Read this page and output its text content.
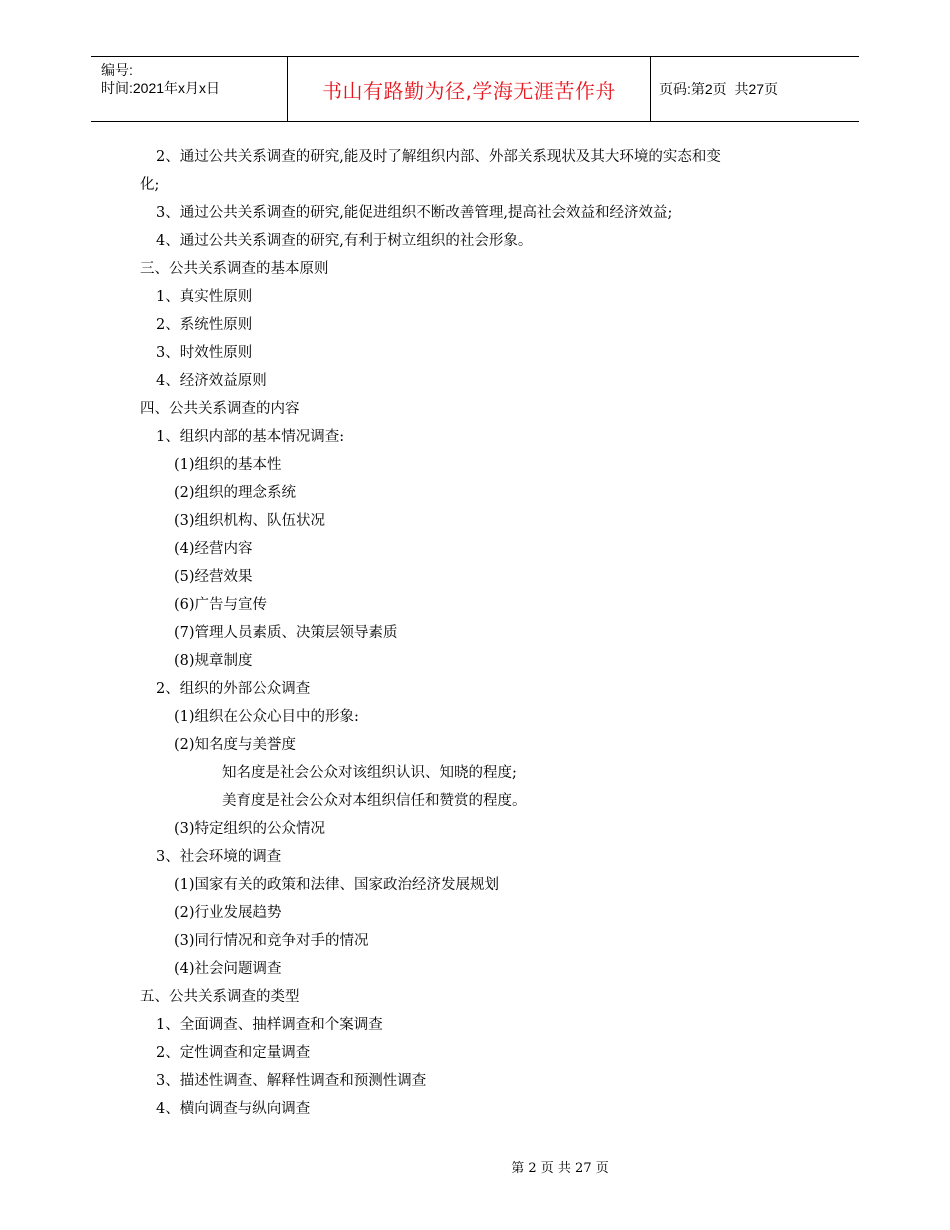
编号:
时间:2021年x月x日	书山有路勤为径,学海无涯苦作舟	页码:第2页  共27页
2、通过公共关系调查的研究,能及时了解组织内部、外部关系现状及其大环境的实态和变
化;
3、通过公共关系调查的研究,能促进组织不断改善管理,提高社会效益和经济效益;
4、通过公共关系调查的研究,有利于树立组织的社会形象。
三、公共关系调查的基本原则
1、真实性原则
2、系统性原则
3、时效性原则
4、经济效益原则
四、公共关系调查的内容
1、组织内部的基本情况调查:
(1)组织的基本性
(2)组织的理念系统
(3)组织机构、队伍状况
(4)经营内容
(5)经营效果
(6)广告与宣传
(7)管理人员素质、决策层领导素质
(8)规章制度
2、组织的外部公众调查
(1)组织在公众心目中的形象:
(2)知名度与美誉度
知名度是社会公众对该组织认识、知晓的程度;
美育度是社会公众对本组织信任和赞赏的程度。
(3)特定组织的公众情况
3、社会环境的调查
(1)国家有关的政策和法律、国家政治经济发展规划
(2)行业发展趋势
(3)同行情况和竞争对手的情况
(4)社会问题调查
五、公共关系调查的类型
1、全面调查、抽样调查和个案调查
2、定性调查和定量调查
3、描述性调查、解释性调查和预测性调查
4、横向调查与纵向调查
第 2 页 共 27 页
